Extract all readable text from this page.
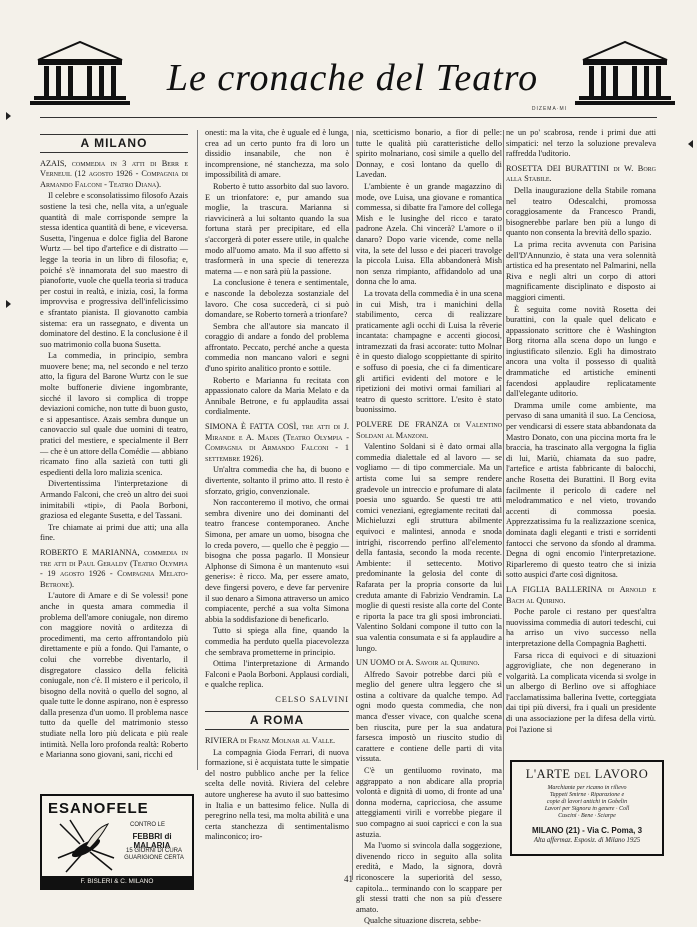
Le cronache del Teatro
DIZEMA·MI
A MILANO

AZAIS, commedia in 3 atti di Berr e Verneuil (12 agosto 1926 - Compagnia di Armando Falconi - Teatro Diana).

Il celebre e sconsolatissimo filosofo Azais sostiene la tesi che, nella vita, a un'eguale quantità di male corrisponde sempre la stessa identica quantità di bene, e viceversa. Susetta, l'ingenua e dolce figlia del Barone Wurtz — bel tipo d'artefice e di distratto — legge la teoria in un libro di filosofia; e, poiché s'è innamorata del suo maestro di pianoforte, vuole che quella teoria si traduca per costui in realtà, e inizia, così, la forma improvvisa e progressiva dell'infelicissimo e sfrantato pianista. Il giovanotto cambia sistema: era un rassegnato, e diventa un dominatore del destino. E la conclusione è il suo matrimonio colla buona Susetta.

La commedia, in principio, sembra muovere bene; ma, nel secondo e nel terzo atto, la figura del Barone Wurtz con le sue molte buffonerie diviene ingombrante, sicché il lavoro si complica di troppe deviazioni comiche, non tutte di buon gusto, e si appesantisce. Azais sembra dunque un canovaccio sul quale due uomini di teatro, pratici del mestiere, e specialmente il Berr — che è un attore della Comédie — abbiano ricamato fino alla sazietà con tutti gli espedienti della loro malizia scenica.

Divertentissima l'interpretazione di Armando Falconi, che creò un altro dei suoi inimitabili «tipi», di Paola Borboni, graziosa ed elegante Susetta, e del Tassani.

Tre chiamate ai primi due atti; una alla fine.

ROBERTO E MARIANNA, commedia in tre atti di Paul Geraldy (Teatro Olympia - 19 agosto 1926 - Compagnia Melato-Betrone).

L'autore di Amare e di Se volessi! pone anche in questa amara commedia il problema dell'amore coniugale, non diremo con maggiore novità o arditezza di procedimenti, ma certo affrontandolo più direttamente e più a fondo. Qui l'amante, o colui che vorrebbe diventarlo, il disgregatore classico della felicità coniugale, non c'è. Il mistero e il pericolo, il bisogno della novità o quello del sogno, al quale tutte le donne aspirano, non è espresso dalla presenza d'un uomo. Il problema nasce tutto da quelle del matrimonio stesso studiate nella loro più delicata e più reale intimità. Nella loro profonda realtà: Roberto e Marianna sono giovani, sani, ricchi ed

onesti: ma la vita, che è uguale ed è lunga, crea ad un certo punto fra di loro un dissidio insanabile, che non è incomprensione, né stanchezza, ma solo impossibilità di amare.

Roberto è tutto assorbito dal suo lavoro. E un trionfatore: e, pur amando sua moglie, la trascura. Marianna si riavvicinerà a lui soltanto quando la sua fortuna starà per precipitare, ed ella s'accorgerà di poter essere utile, in qualche modo all'uomo amato. Ma il suo affetto si trasformerà in una specie di tenerezza materna — e non sarà più la passione.

La conclusione è tenera e sentimentale, e nasconde la debolezza sostanziale del lavoro. Che cosa succederà, ci si può domandare, se Roberto tornerà a trionfare?

Sembra che all'autore sia mancato il coraggio di andare a fondo del problema affrontato. Peccato, perché anche a questa commedia non mancano valori e segni d'uno spirito analitico pronto e sottile.

Roberto e Marianna fu recitata con appassionato calore da Maria Melato e da Annibale Betrone, e fu applaudita assai cordialmente.

SIMONA È FATTA COSÌ, tre atti di J. Mirande e A. Madis (Teatro Olympia - Compagnia di Armando Falconi - 1 settembre 1926).

Un'altra commedia che ha, di buono e divertente, soltanto il primo atto. Il resto è sforzato, grigio, convenzionale.

Non racconteremo il motivo, che ormai sembra divenire uno dei dominanti del teatro francese contemporaneo. Anche Simona, per amare un uomo, bisogna che lo creda povero, — quello che è peggio — bisogna che possa pagarlo. Il Monsieur Alphonse di Simona è un mantenuto «sui generis»: è ricco. Ma, per essere amato, deve fingersi povero, e deve far pervenire il suo denaro a Simona attraverso un amico compiacente, perché a sua volta Simona abbia la soddisfazione di beneficarlo.

Tutto si spiega alla fine, quando la commedia ha perduto quella piacevolezza che sembrava prometterne in principio.

Ottima l'interpretazione di Armando Falconi e Paola Borboni. Applausi cordiali, e qualche replica.

CELSO SALVINI
A ROMA

RIVIERA di Franz Molnar al Valle.

La compagnia Gioda Ferrari, di nuova formazione, si è acquistata tutte le simpatie del nostro pubblico anche per la felice scelta delle novità. Riviera del celebre autore ungherese ha avuto il suo battesimo in Italia e un battesimo felice. Nulla di peregrino nella tesi, ma molta abilità e una certa stanchezza di sentimentalismo malinconico; iro-

nia, scetticismo bonario, a fior di pelle: tutte le qualità più caratteristiche dello spirito molnariano, così simile a quello del Donnay, e così lontano da quello di Lavedan.

L'ambiente è un grande magazzino di mode, ove Luisa, una giovane e romantica commessa, si dibatte fra l'amore del collega Mish e le lusinghe del ricco e tarato padrone Azela. Chi vincerà? L'amore o il danaro? Dopo varie vicende, come nella vita, la sete del lusso e dei piaceri travolge la piccola Luisa. Ella abbandonerà Mish non senza rimpianto, affidandolo ad una donna che lo ama.

La trovata della commedia è in una scena in cui Mish, tra i manichini della stabilimento, cerca di realizzare praticamente agli occhi di Luisa la rêverie incantata: champagne e accenti giocosi, intramezzati da frasi accorate: tutto Molnar è in questo dialogo scoppiettante di spirito e soffuso di poesia, che ci fa dimenticare gli artifici evidenti del motore e le ripetizioni dei motivi ormai familiari al teatro di questo scrittore. L'esito è stato buonissimo.

POLVERE DE FRANZA di Valentino Soldani al Manzoni.

Valentino Soldani si è dato ormai alla commedia dialettale ed al lavoro — se vogliamo — di tipo commerciale. Ma un artista come lui sa sempre rendere gradevole un intreccio e profumare di alata poesia uno sguardo. Se questi tre atti comici veneziani, egregiamente recitati dal Michieluzzi egli struttura abilmente equivoci e malintesi, annoda e snoda intrighi, riscorrendo perfino all'elemento della fantasia, secondo la moda recente. Ambiente: il settecento. Motivo predominante la gelosia del conte di Rafarata per la propria consorte da lui creduta amante di Fabrizio Vendramin. La moglie di questi resiste alla corte del Conte e riporta la pace tra gli sposi imbronciati. Valentino Soldani compone il tutto con la sua valentia consumata e si fa applaudire a lungo.

UN UOMO di A. Savoir al Quirino.

Alfredo Savoir potrebbe darci più e meglio del genere ultra leggero che si ostina a coltivare da qualche tempo. Ad ogni modo questa commedia, che non manca d'esser vivace, con qualche scena ben riuscita, pure per la sua andatura farsesca impostò un riuscito studio di carattere e contiene delle parti di vita vissuta.

C'è un gentiluomo rovinato, ma aggrappato a non abdicare alla propria volontà e dignità di uomo, di fronte ad una donna moderna, capricciosa, che assume atteggiamenti virili e vorrebbe piegare il suo compagno ai suoi capricci e con la sua astuzia.

Ma l'uomo si svincola dalla soggezione, divenendo ricco in seguito alla solita eredità, e Mado, la signora, dovrà riconoscere la superiorità del sesso, capitola... terminando con lo scappare per gli stessi tratti che non sa più d'essere amato.

Qualche situazione discreta, sebbe-

ne un po' scabrosa, rende i primi due atti simpatici: nel terzo la soluzione prevaleva raffredda l'uditorio.

ROSETTA DEI BURATTINI di W. Borg alla Stabile.

Della inaugurazione della Stabile romana nel teatro Odescalchi, promossa coraggiosamente da Francesco Prandi, bisognerebbe parlare ben più a lungo di quanto non consenta la brevità dello spazio.

La prima recita avvenuta con Parisina dell'D'Annunzio, è stata una vera solennità artistica ed ha presentato nel Palmarini, nella Riva e negli altri un corpo di attori magnificamente disciplinato e disposto ai maggiori cimenti.

È seguita come novità Rosetta dei burattini, con la quale quel delicato e appassionato scrittore che è Washington Borg ritorna alla scena dopo un lungo e ingiustificato silenzio. Egli ha dimostrato ancora una volta il possesso di qualità drammatiche ed artistiche eminenti facendosi applaudire replicatamente dall'elegante uditorio.

Dramma umile come ambiente, ma pervaso di sana umanità il suo. La Cenciosa, per vendicarsi di essere stata abbandonata da Mastro Donato, con una piccina morta fra le braccia, ha trascinato alla vergogna la figlia di lui, Mariù, chiamata da suo padre, l'artefice e artista fabbricante di balocchi, anche Rosetta dei Burattini. Il Borg evita facilmente il pericolo di cadere nel melodrammatico e nel vieto, trovando accenti di commossa poesia. Apprezzatissima fu la realizzazione scenica, dominata dagli eleganti e tristi e sorridenti fantocci che servono da sfondo al dramma. Degna di ogni encomio l'interpretazione. Riparleremo di questo teatro che si inizia sotto auspici d'arte così dignitosa.

LA FIGLIA BALLERINA di Arnold e Bach al Quirino.

Poche parole ci restano per quest'altra nuovissima commedia di autori tedeschi, cui ha arriso un vivo successo nella interpretazione della Compagnia Baghetti.

Farsa ricca di equivoci e di situazioni aggrovigliate, che non degenerano in volgarità. La complicata vicenda si svolge in un albergo di Berlino ove si affoghiace l'acclamatissima ballerina Ivette, corteggiata dai tipi più diversi, fra i quali un presidente di una associazione per la difesa della virtù. Poi l'azione si

ESANOFELE
CONTRO LE
FEBBRI di MALARIA
15 GIORNI DI CURA GUARIGIONE CERTA
F. BISLERI & C. MILANO
L'ARTE DEL LAVORO
Marchiante per ricamo in rilievo
Tappeti Smirne · Riparazione e
copie di lavori antichi in Gobelin
Lavori per Signora in genere · Coll
Cuscini · Bene · Sciarpe
MILANO (21) - Via C. Poma, 3
Alta affermaz. Esposiz. di Milano 1925
41
